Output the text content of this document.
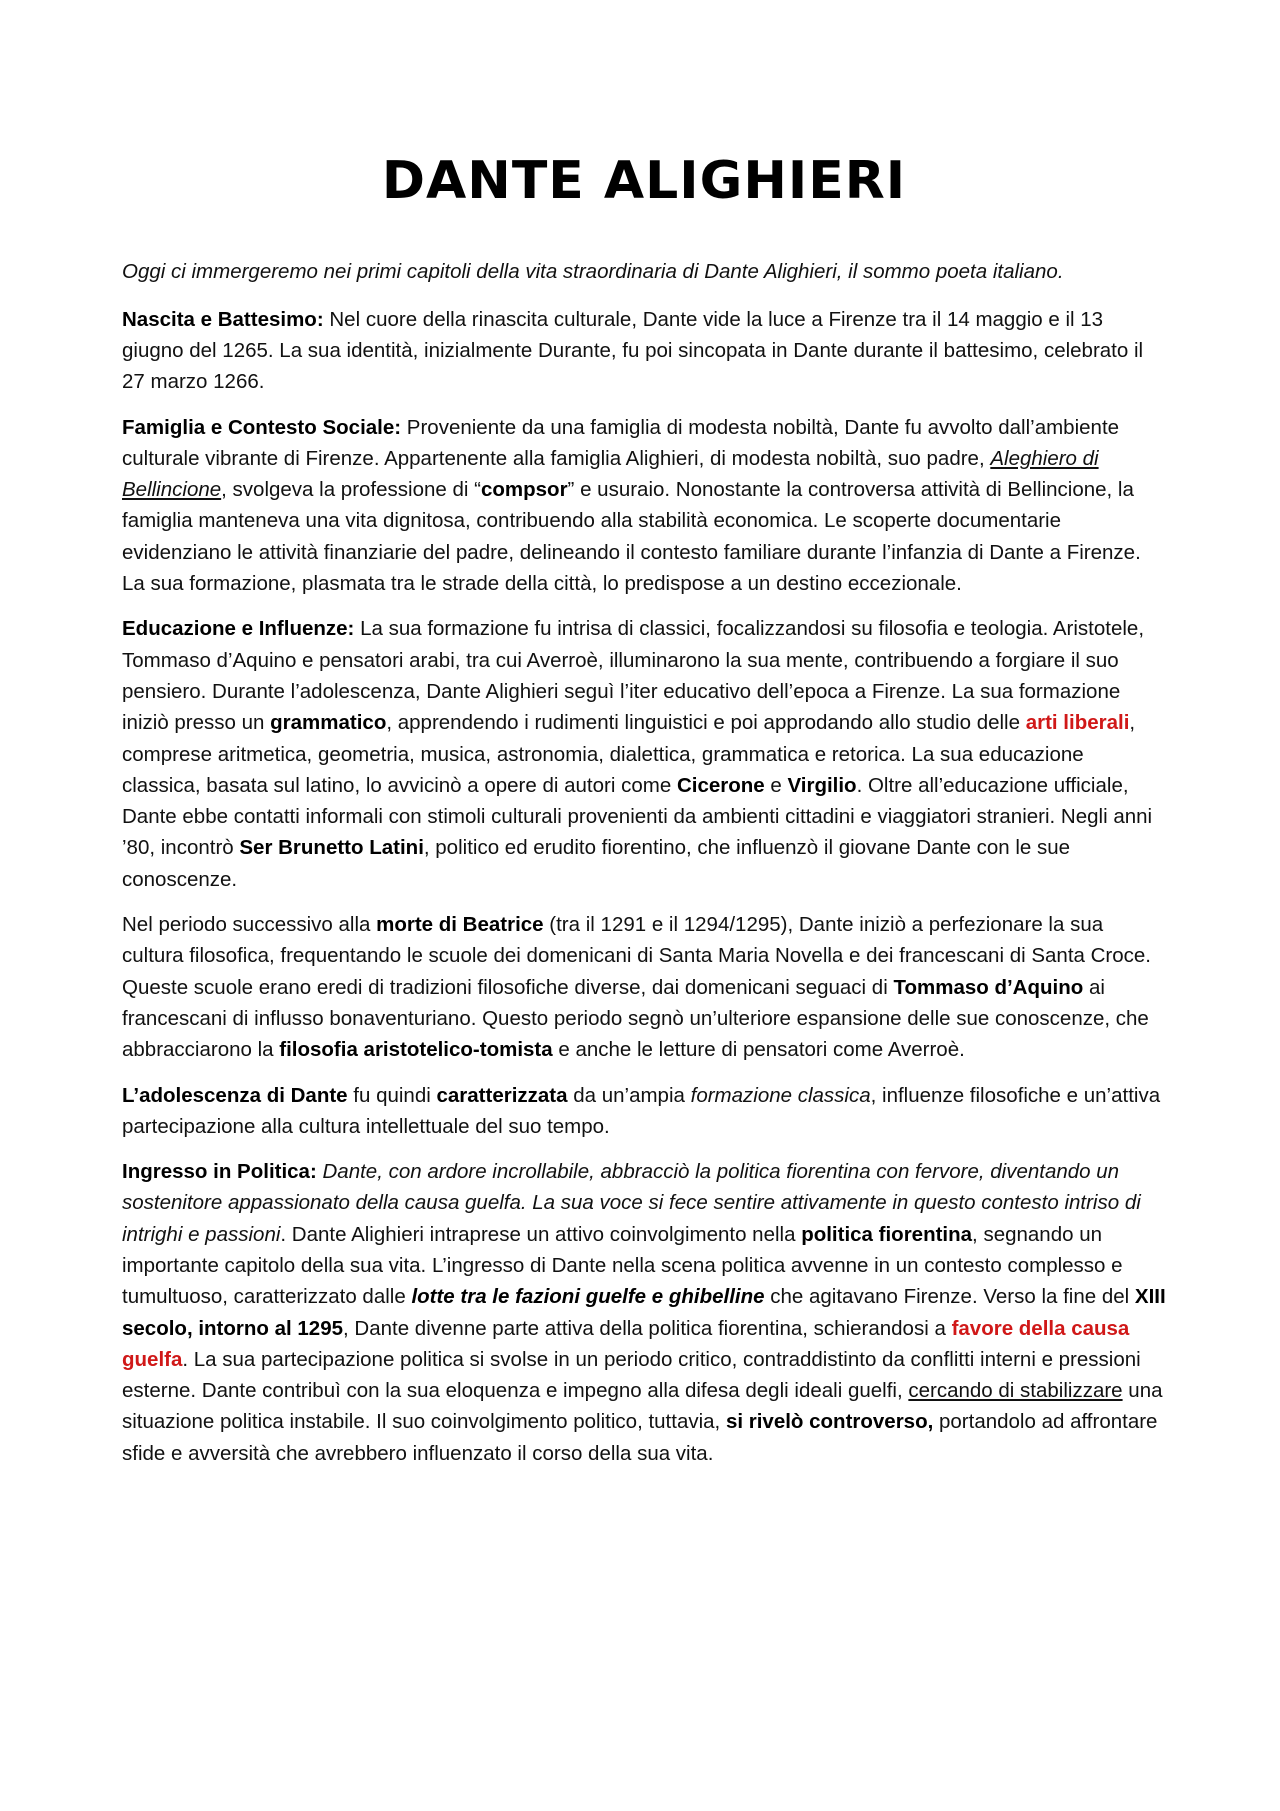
DANTE ALIGHIERI

Oggi ci immergeremo nei primi capitoli della vita straordinaria di Dante Alighieri, il sommo poeta italiano.

Nascita e Battesimo: Nel cuore della rinascita culturale, Dante vide la luce a Firenze tra il 14 maggio e il 13 giugno del 1265. La sua identità, inizialmente Durante, fu poi sincopata in Dante durante il battesimo, celebrato il 27 marzo 1266.

Famiglia e Contesto Sociale: Proveniente da una famiglia di modesta nobiltà, Dante fu avvolto dall’ambiente culturale vibrante di Firenze. Appartenente alla famiglia Alighieri, di modesta nobiltà, suo padre, Aleghiero di Bellincione, svolgeva la professione di “compsor” e usuraio. Nonostante la controversa attività di Bellincione, la famiglia manteneva una vita dignitosa, contribuendo alla stabilità economica. Le scoperte documentarie evidenziano le attività finanziarie del padre, delineando il contesto familiare durante l’infanzia di Dante a Firenze. La sua formazione, plasmata tra le strade della città, lo predispose a un destino eccezionale.

Educazione e Influenze: La sua formazione fu intrisa di classici, focalizzandosi su filosofia e teologia. Aristotele, Tommaso d’Aquino e pensatori arabi, tra cui Averroè, illuminarono la sua mente, contribuendo a forgiare il suo pensiero. Durante l’adolescenza, Dante Alighieri seguì l’iter educativo dell’epoca a Firenze. La sua formazione iniziò presso un grammatico, apprendendo i rudimenti linguistici e poi approdando allo studio delle arti liberali, comprese aritmetica, geometria, musica, astronomia, dialettica, grammatica e retorica. La sua educazione classica, basata sul latino, lo avvicinò a opere di autori come Cicerone e Virgilio. Oltre all’educazione ufficiale, Dante ebbe contatti informali con stimoli culturali provenienti da ambienti cittadini e viaggiatori stranieri. Negli anni ’80, incontrò Ser Brunetto Latini, politico ed erudito fiorentino, che influenzò il giovane Dante con le sue conoscenze.

Nel periodo successivo alla morte di Beatrice (tra il 1291 e il 1294/1295), Dante iniziò a perfezionare la sua cultura filosofica, frequentando le scuole dei domenicani di Santa Maria Novella e dei francescani di Santa Croce. Queste scuole erano eredi di tradizioni filosofiche diverse, dai domenicani seguaci di Tommaso d’Aquino ai francescani di influsso bonaventuriano. Questo periodo segnò un’ulteriore espansione delle sue conoscenze, che abbracciarono la filosofia aristotelico-tomista e anche le letture di pensatori come Averroè.

L’adolescenza di Dante fu quindi caratterizzata da un’ampia formazione classica, influenze filosofiche e un’attiva partecipazione alla cultura intellettuale del suo tempo.

Ingresso in Politica: Dante, con ardore incrollabile, abbracciò la politica fiorentina con fervore, diventando un sostenitore appassionato della causa guelfa. La sua voce si fece sentire attivamente in questo contesto intriso di intrighi e passioni. Dante Alighieri intraprese un attivo coinvolgimento nella politica fiorentina, segnando un importante capitolo della sua vita. L’ingresso di Dante nella scena politica avvenne in un contesto complesso e tumultuoso, caratterizzato dalle lotte tra le fazioni guelfe e ghibelline che agitavano Firenze. Verso la fine del XIII secolo, intorno al 1295, Dante divenne parte attiva della politica fiorentina, schierandosi a favore della causa guelfa. La sua partecipazione politica si svolse in un periodo critico, contraddistinto da conflitti interni e pressioni esterne. Dante contribuì con la sua eloquenza e impegno alla difesa degli ideali guelfi, cercando di stabilizzare una situazione politica instabile. Il suo coinvolgimento politico, tuttavia, si rivelò controverso, portandolo ad affrontare sfide e avversità che avrebbero influenzato il corso della sua vita.
